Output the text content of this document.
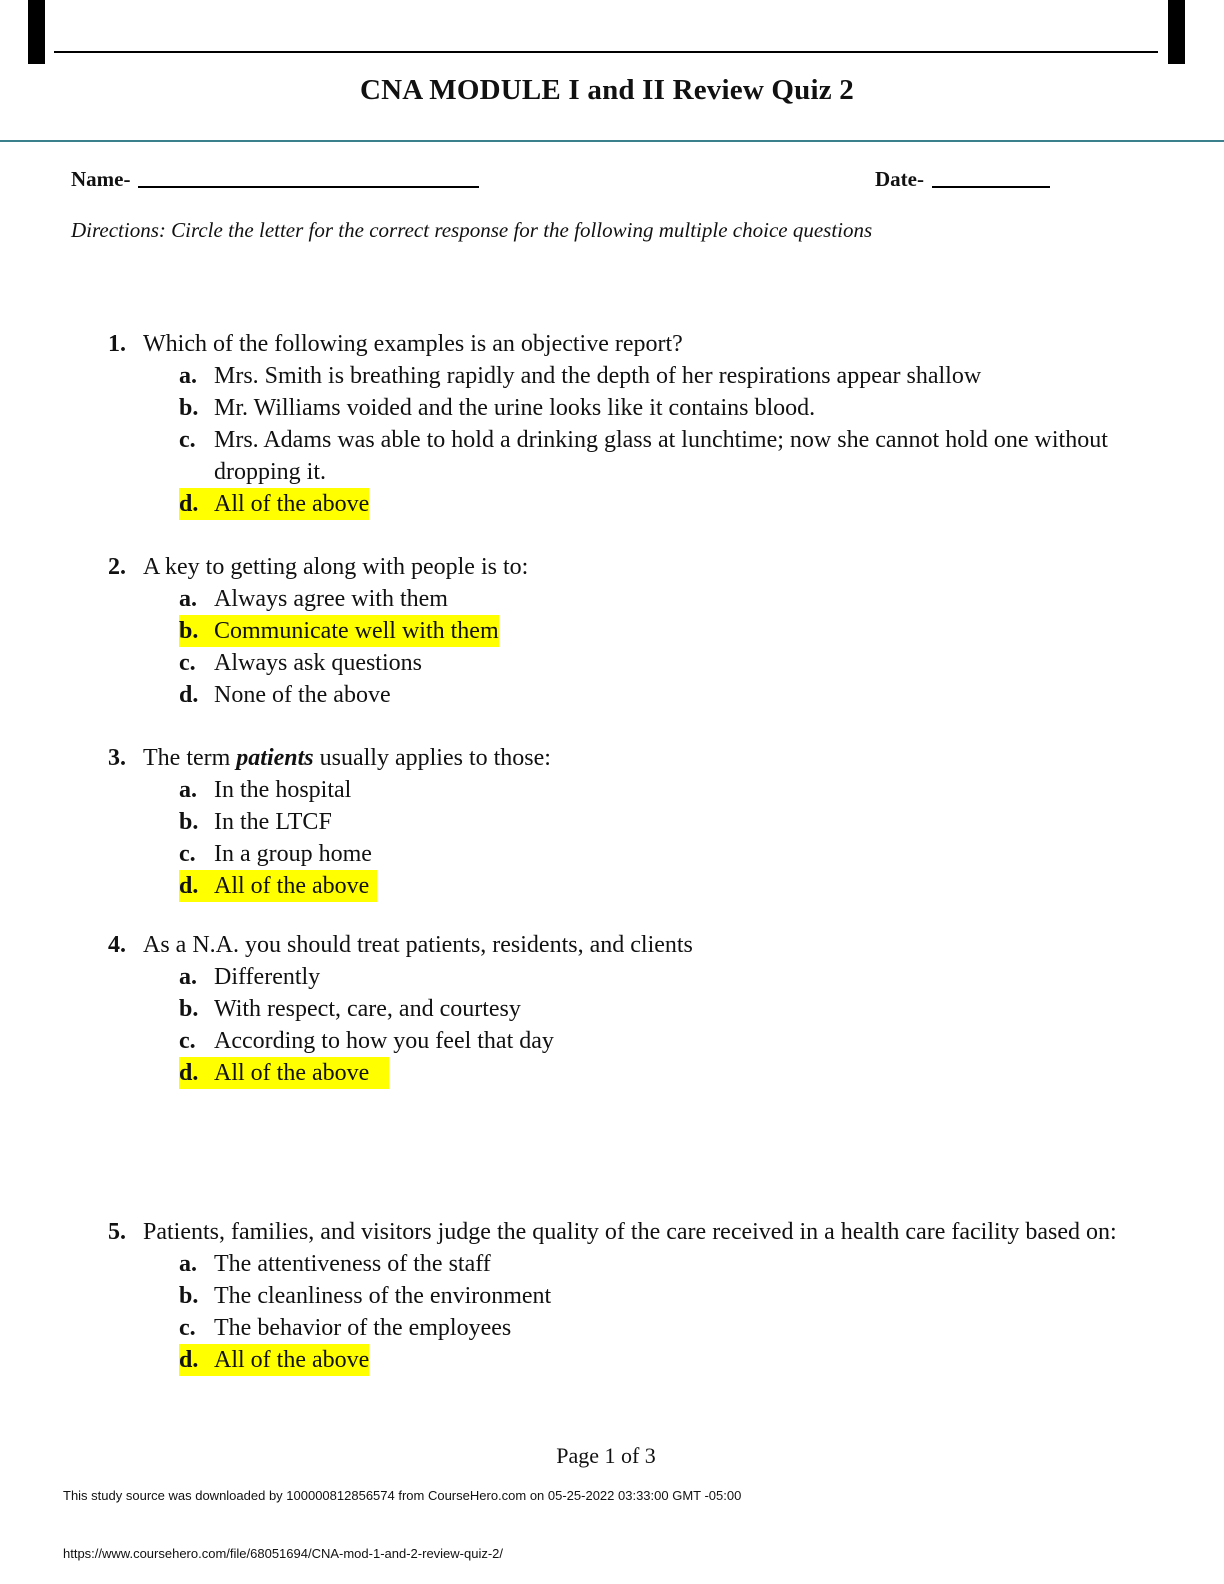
CNA MODULE I and II Review Quiz 2
Name-	Date-
Directions: Circle the letter for the correct response for the following multiple choice questions
1. Which of the following examples is an objective report?
a. Mrs. Smith is breathing rapidly and the depth of her respirations appear shallow
b. Mr. Williams voided and the urine looks like it contains blood.
c. Mrs. Adams was able to hold a drinking glass at lunchtime; now she cannot hold one without dropping it.
d. All of the above
2. A key to getting along with people is to:
a. Always agree with them
b. Communicate well with them
c. Always ask questions
d. None of the above
3. The term patients usually applies to those:
a. In the hospital
b. In the LTCF
c. In a group home
d. All of the above
4. As a N.A. you should treat patients, residents, and clients
a. Differently
b. With respect, care, and courtesy
c. According to how you feel that day
d. All of the above
5. Patients, families, and visitors judge the quality of the care received in a health care facility based on:
a. The attentiveness of the staff
b. The cleanliness of the environment
c. The behavior of the employees
d. All of the above
Page 1 of 3
This study source was downloaded by 100000812856574 from CourseHero.com on 05-25-2022 03:33:00 GMT -05:00
https://www.coursehero.com/file/68051694/CNA-mod-1-and-2-review-quiz-2/
